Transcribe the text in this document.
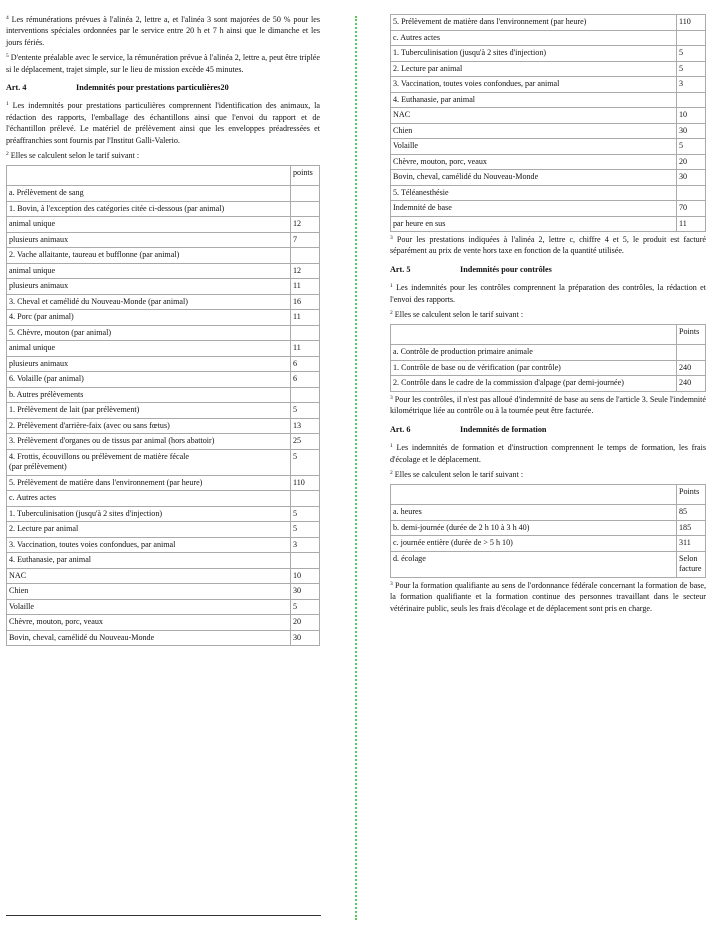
$^4$ Les rémunérations prévues à l'alinéa 2, lettre a, et l'alinéa 3 sont majorées de 50 % pour les interventions spéciales ordonnées par le service entre 20 h et 7 h ainsi que le dimanche et les jours fériés.

$^5$ D'entente préalable avec le service, la rémunération prévue à l'alinéa 2, lettre a, peut être triplée si le déplacement, trajet simple, sur le lieu de mission excède 45 minutes.

Art. 4	Indemnités pour prestations particulières20

$^1$ Les indemnités pour prestations particulières comprennent l'identification des animaux, la rédaction des rapports, l'emballage des échantillons ainsi que l'envoi du rapport et de l'échantillon prélevé. Le matériel de prélèvement ainsi que les enveloppes préadressées et préaffranchies sont fournis par l'Institut Galli-Valerio.

$^2$ Elles se calculent selon le tarif suivant :

	points
a. Prélèvement de sang	
1. Bovin, à l'exception des catégories citée ci-dessous (par animal)	
animal unique	12
plusieurs animaux	7
2. Vache allaitante, taureau et bufflonne (par animal)	
animal unique	12
plusieurs animaux	11
3. Cheval et camélidé du Nouveau-Monde (par animal)	16
4. Porc (par animal)	11
5. Chèvre, mouton (par animal)	
animal unique	11
plusieurs animaux	6
6. Volaille (par animal)	6
b. Autres prélèvements	
1. Prélèvement de lait (par prélèvement)	5
2. Prélèvement d'arrière-faix (avec ou sans fœtus)	13
3. Prélèvement d'organes ou de tissus par animal (hors abattoir)	25
4. Frottis, écouvillons ou prélèvement de matière fécale
(par prélèvement)	5
5. Prélèvement de matière dans l'environnement (par heure)	110
c. Autres actes	
1. Tuberculinisation (jusqu'à 2 sites d'injection)	5
2. Lecture par animal	5
3. Vaccination, toutes voies confondues, par animal	3
4. Euthanasie, par animal	
NAC	10
Chien	30
Volaille	5
Chèvre, mouton, porc, veaux	20
Bovin, cheval, camélidé du Nouveau-Monde	30
5. Prélèvement de matière dans l'environnement (par heure)	110
c. Autres actes	
1. Tuberculinisation (jusqu'à 2 sites d'injection)	5
2. Lecture par animal	5
3. Vaccination, toutes voies confondues, par animal	3
4. Euthanasie, par animal	
NAC	10
Chien	30
Volaille	5
Chèvre, mouton, porc, veaux	20
Bovin, cheval, camélidé du Nouveau-Monde	30
5. Téléanesthésie	
Indemnité de base	70
par heure en sus	11

$^3$ Pour les prestations indiquées à l'alinéa 2, lettre c, chiffre 4 et 5, le produit est facturé séparément au prix de vente hors taxe en fonction de la quantité utilisée.

Art. 5	Indemnités pour contrôles

$^1$ Les indemnités pour les contrôles comprennent la préparation des contrôles, la rédaction et l'envoi des rapports.

$^2$ Elles se calculent selon le tarif suivant :

	Points
a. Contrôle de production primaire animale	
1. Contrôle de base ou de vérification (par contrôle)	240
2. Contrôle dans le cadre de la commission d'alpage (par demi-journée)	240

$^3$ Pour les contrôles, il n'est pas alloué d'indemnité de base au sens de l'article 3. Seule l'indemnité kilométrique liée au contrôle ou à la tournée peut être facturée.

Art. 6	Indemnités de formation

$^1$ Les indemnités de formation et d'instruction comprennent le temps de formation, les frais d'écolage et le déplacement.

$^2$ Elles se calculent selon le tarif suivant :

	Points
a. heures	85
b. demi-journée (durée de 2 h 10 à 3 h 40)	185
c. journée entière (durée de > 5 h 10)	311
d. écolage	Selon facture

$^3$ Pour la formation qualifiante au sens de l'ordonnance fédérale concernant la formation de base, la formation qualifiante et la formation continue des personnes travaillant dans le secteur vétérinaire public, seuls les frais d'écolage et de déplacement sont pris en charge.
